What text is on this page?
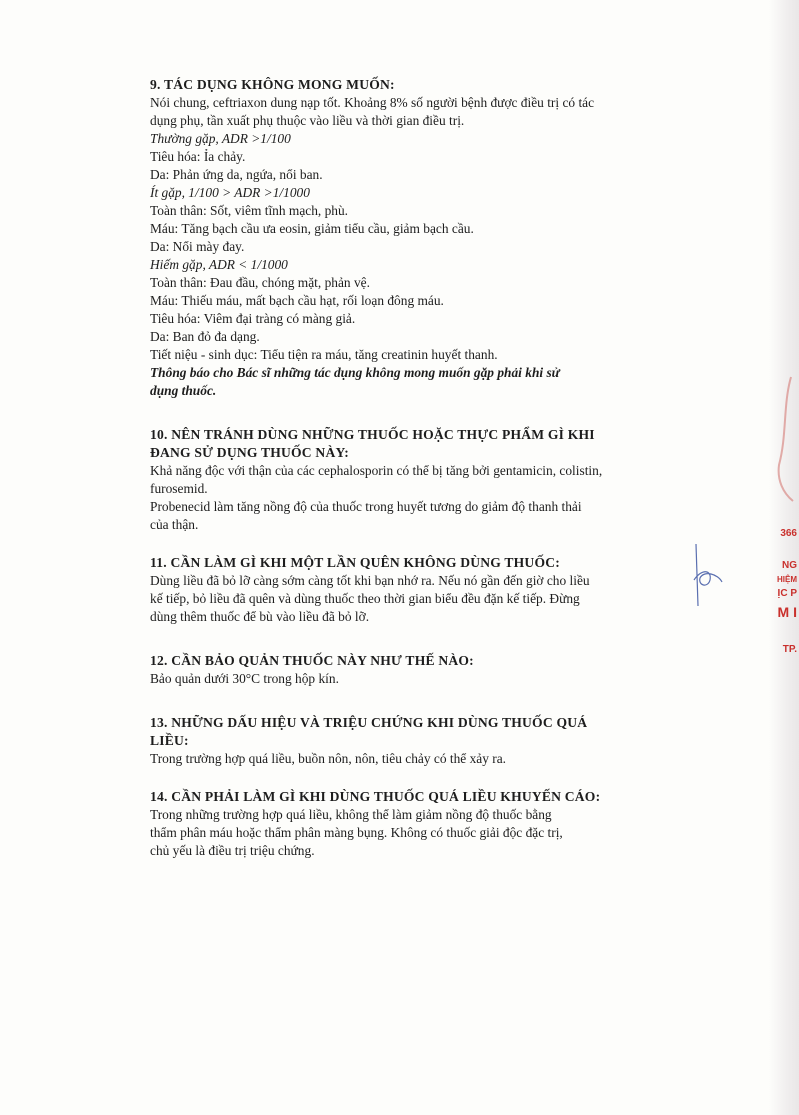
9. TÁC DỤNG KHÔNG MONG MUỐN:
Nói chung, ceftriaxon dung nạp tốt. Khoảng 8% số người bệnh được điều trị có tác
dụng phụ, tần xuất phụ thuộc vào liều và thời gian điều trị.
Thường gặp, ADR >1/100
Tiêu hóa: Ỉa chảy.
Da: Phản ứng da, ngứa, nổi ban.
Ít gặp, 1/100 > ADR >1/1000
Toàn thân: Sốt, viêm tĩnh mạch, phù.
Máu: Tăng bạch cầu ưa eosin, giảm tiểu cầu, giảm bạch cầu.
Da: Nổi mày đay.
Hiếm gặp, ADR < 1/1000
Toàn thân: Đau đầu, chóng mặt, phản vệ.
Máu: Thiếu máu, mất bạch cầu hạt, rối loạn đông máu.
Tiêu hóa: Viêm đại tràng có màng giả.
Da: Ban đỏ đa dạng.
Tiết niệu - sinh dục: Tiểu tiện ra máu, tăng creatinin huyết thanh.
Thông báo cho Bác sĩ những tác dụng không mong muốn gặp phải khi sử
dụng thuốc.
10. NÊN TRÁNH DÙNG NHỮNG THUỐC HOẶC THỰC PHẨM GÌ KHI
ĐANG SỬ DỤNG THUỐC NÀY:
Khả năng độc với thận của các cephalosporin có thể bị tăng bởi gentamicin, colistin,
furosemid.
Probenecid làm tăng nồng độ của thuốc trong huyết tương do giảm độ thanh thải
của thận.
11. CẦN LÀM GÌ KHI MỘT LẦN QUÊN KHÔNG DÙNG THUỐC:
Dùng liều đã bỏ lỡ càng sớm càng tốt khi bạn nhớ ra. Nếu nó gần đến giờ cho liều
kế tiếp, bỏ liều đã quên và dùng thuốc theo thời gian biểu đều đặn kế tiếp. Đừng
dùng thêm thuốc để bù vào liều đã bỏ lỡ.
12. CẦN BẢO QUẢN THUỐC NÀY NHƯ THẾ NÀO:
Bảo quản dưới 30°C trong hộp kín.
13. NHỮNG DẤU HIỆU VÀ TRIỆU CHỨNG KHI DÙNG THUỐC QUÁ
LIỀU:
Trong trường hợp quá liều, buồn nôn, nôn, tiêu chảy có thể xảy ra.
14. CẦN PHẢI LÀM GÌ KHI DÙNG THUỐC QUÁ LIỀU KHUYẾN CÁO:
Trong những trường hợp quá liều, không thể làm giảm nồng độ thuốc bằng
thẩm phân máu hoặc thẩm phân màng bụng. Không có thuốc giải độc đặc trị,
chủ yếu là điều trị triệu chứng.
366
NG
HIỆM
ỊC P
M I
TP.
